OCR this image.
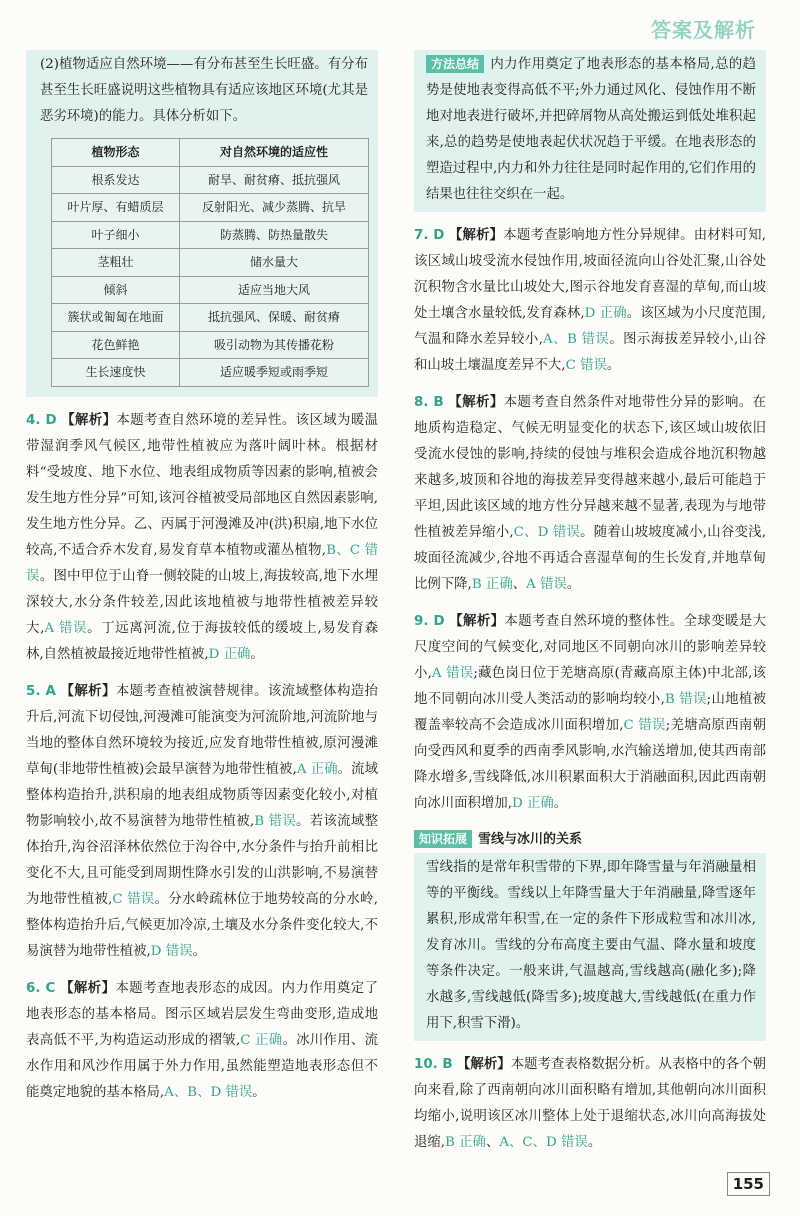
答案及解析
(2)植物适应自然环境——有分布甚至生长旺盛。有分布甚至生长旺盛说明这些植物具有适应该地区环境(尤其是恶劣环境)的能力。具体分析如下。
植物形态	对自然环境的适应性
根系发达	耐旱、耐贫瘠、抵抗强风
叶片厚、有蜡质层	反射阳光、减少蒸腾、抗旱
叶子细小	防蒸腾、防热量散失
茎粗壮	储水量大
倾斜	适应当地大风
簇状或匍匐在地面	抵抗强风、保暖、耐贫瘠
花色鲜艳	吸引动物为其传播花粉
生长速度快	适应暖季短或雨季短
4. D 【解析】本题考查自然环境的差异性。该区域为暖温带湿润季风气候区,地带性植被应为落叶阔叶林。根据材料“受坡度、地下水位、地表组成物质等因素的影响,植被会发生地方性分异”可知,该河谷植被受局部地区自然因素影响,发生地方性分异。乙、丙属于河漫滩及冲(洪)积扇,地下水位较高,不适合乔木发育,易发育草本植物或灌丛植物,B、C 错误。图中甲位于山脊一侧较陡的山坡上,海拔较高,地下水埋深较大,水分条件较差,因此该地植被与地带性植被差异较大,A 错误。丁远离河流,位于海拔较低的缓坡上,易发育森林,自然植被最接近地带性植被,D 正确。
5. A 【解析】本题考查植被演替规律。该流域整体构造抬升后,河流下切侵蚀,河漫滩可能演变为河流阶地,河流阶地与当地的整体自然环境较为接近,应发育地带性植被,原河漫滩草甸(非地带性植被)会最早演替为地带性植被,A 正确。流域整体构造抬升,洪积扇的地表组成物质等因素变化较小,对植物影响较小,故不易演替为地带性植被,B 错误。若该流域整体抬升,沟谷沼泽林依然位于沟谷中,水分条件与抬升前相比变化不大,且可能受到周期性降水引发的山洪影响,不易演替为地带性植被,C 错误。分水岭疏林位于地势较高的分水岭,整体构造抬升后,气候更加冷凉,土壤及水分条件变化较大,不易演替为地带性植被,D 错误。
6. C 【解析】本题考查地表形态的成因。内力作用奠定了地表形态的基本格局。图示区域岩层发生弯曲变形,造成地表高低不平,为构造运动形成的褶皱,C 正确。冰川作用、流水作用和风沙作用属于外力作用,虽然能塑造地表形态但不能奠定地貌的基本格局,A、B、D 错误。
方法总结 内力作用奠定了地表形态的基本格局,总的趋势是使地表变得高低不平;外力通过风化、侵蚀作用不断地对地表进行破坏,并把碎屑物从高处搬运到低处堆积起来,总的趋势是使地表起伏状况趋于平缓。在地表形态的塑造过程中,内力和外力往往是同时起作用的,它们作用的结果也往往交织在一起。
7. D 【解析】本题考查影响地方性分异规律。由材料可知,该区域山坡受流水侵蚀作用,坡面径流向山谷处汇聚,山谷处沉积物含水量比山坡处大,图示谷地发育喜湿的草甸,而山坡处土壤含水量较低,发育森林,D 正确。该区域为小尺度范围,气温和降水差异较小,A、B 错误。图示海拔差异较小,山谷和山坡土壤温度差异不大,C 错误。
8. B 【解析】本题考查自然条件对地带性分异的影响。在地质构造稳定、气候无明显变化的状态下,该区域山坡依旧受流水侵蚀的影响,持续的侵蚀与堆积会造成谷地沉积物越来越多,坡顶和谷地的海拔差异变得越来越小,最后可能趋于平坦,因此该区域的地方性分异越来越不显著,表现为与地带性植被差异缩小,C、D 错误。随着山坡坡度减小,山谷变浅,坡面径流减少,谷地不再适合喜湿草甸的生长发育,并地草甸比例下降,B 正确、A 错误。
9. D 【解析】本题考查自然环境的整体性。全球变暖是大尺度空间的气候变化,对同地区不同朝向冰川的影响差异较小,A 错误;藏色岗日位于羌塘高原(青藏高原主体)中北部,该地不同朝向冰川受人类活动的影响均较小,B 错误;山地植被覆盖率较高不会造成冰川面积增加,C 错误;羌塘高原西南朝向受西风和夏季的西南季风影响,水汽输送增加,使其西南部降水增多,雪线降低,冰川积累面积大于消融面积,因此西南朝向冰川面积增加,D 正确。
知识拓展 雪线与冰川的关系
雪线指的是常年积雪带的下界,即年降雪量与年消融量相等的平衡线。雪线以上年降雪量大于年消融量,降雪逐年累积,形成常年积雪,在一定的条件下形成粒雪和冰川冰,发育冰川。雪线的分布高度主要由气温、降水量和坡度等条件决定。一般来讲,气温越高,雪线越高(融化多);降水越多,雪线越低(降雪多);坡度越大,雪线越低(在重力作用下,积雪下滑)。
10. B 【解析】本题考查表格数据分析。从表格中的各个朝向来看,除了西南朝向冰川面积略有增加,其他朝向冰川面积均缩小,说明该区冰川整体上处于退缩状态,冰川向高海拔处退缩,B 正确、A、C、D 错误。
155
